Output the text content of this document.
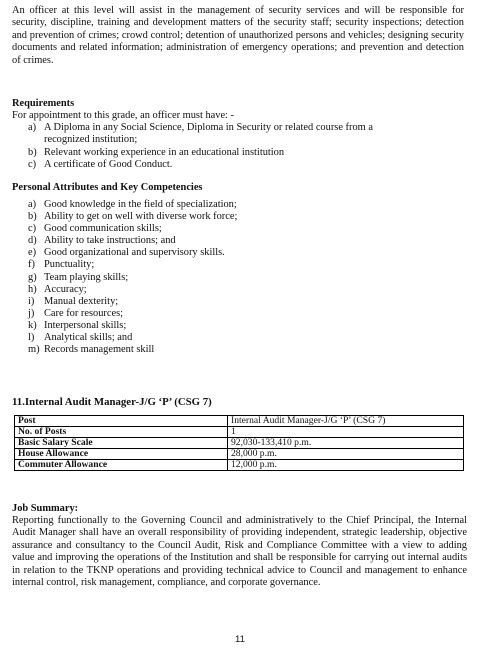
An officer at this level will assist in the management of security services and will be responsible for security, discipline, training and development matters of the security staff; security inspections; detection and prevention of crimes; crowd control; detention of unauthorized persons and vehicles; designing security documents and related information; administration of emergency operations; and prevention and detection of crimes.
Requirements
For appointment to this grade, an officer must have: -
a) A Diploma in any Social Science, Diploma in Security or related course from a recognized institution;
b) Relevant working experience in an educational institution
c) A certificate of Good Conduct.
Personal Attributes and Key Competencies
a) Good knowledge in the field of specialization;
b) Ability to get on well with diverse work force;
c) Good communication skills;
d) Ability to take instructions; and
e) Good organizational and supervisory skills.
f) Punctuality;
g) Team playing skills;
h) Accuracy;
i) Manual dexterity;
j) Care for resources;
k) Interpersonal skills;
l) Analytical skills; and
m) Records management skill
11.Internal Audit Manager-J/G ‘P’ (CSG 7)
Post	Internal Audit Manager-J/G ‘P’ (CSG 7)
No. of Posts	1
Basic Salary Scale	92,030-133,410 p.m.
House Allowance	28,000 p.m.
Commuter Allowance	12,000 p.m.
Job Summary:
Reporting functionally to the Governing Council and administratively to the Chief Principal, the Internal Audit Manager shall have an overall responsibility of providing independent, strategic leadership, objective assurance and consultancy to the Council Audit, Risk and Compliance Committee with a view to adding value and improving the operations of the Institution and shall be responsible for carrying out internal audits in relation to the TKNP operations and providing technical advice to Council and management to enhance internal control, risk management, compliance, and corporate governance.
11
